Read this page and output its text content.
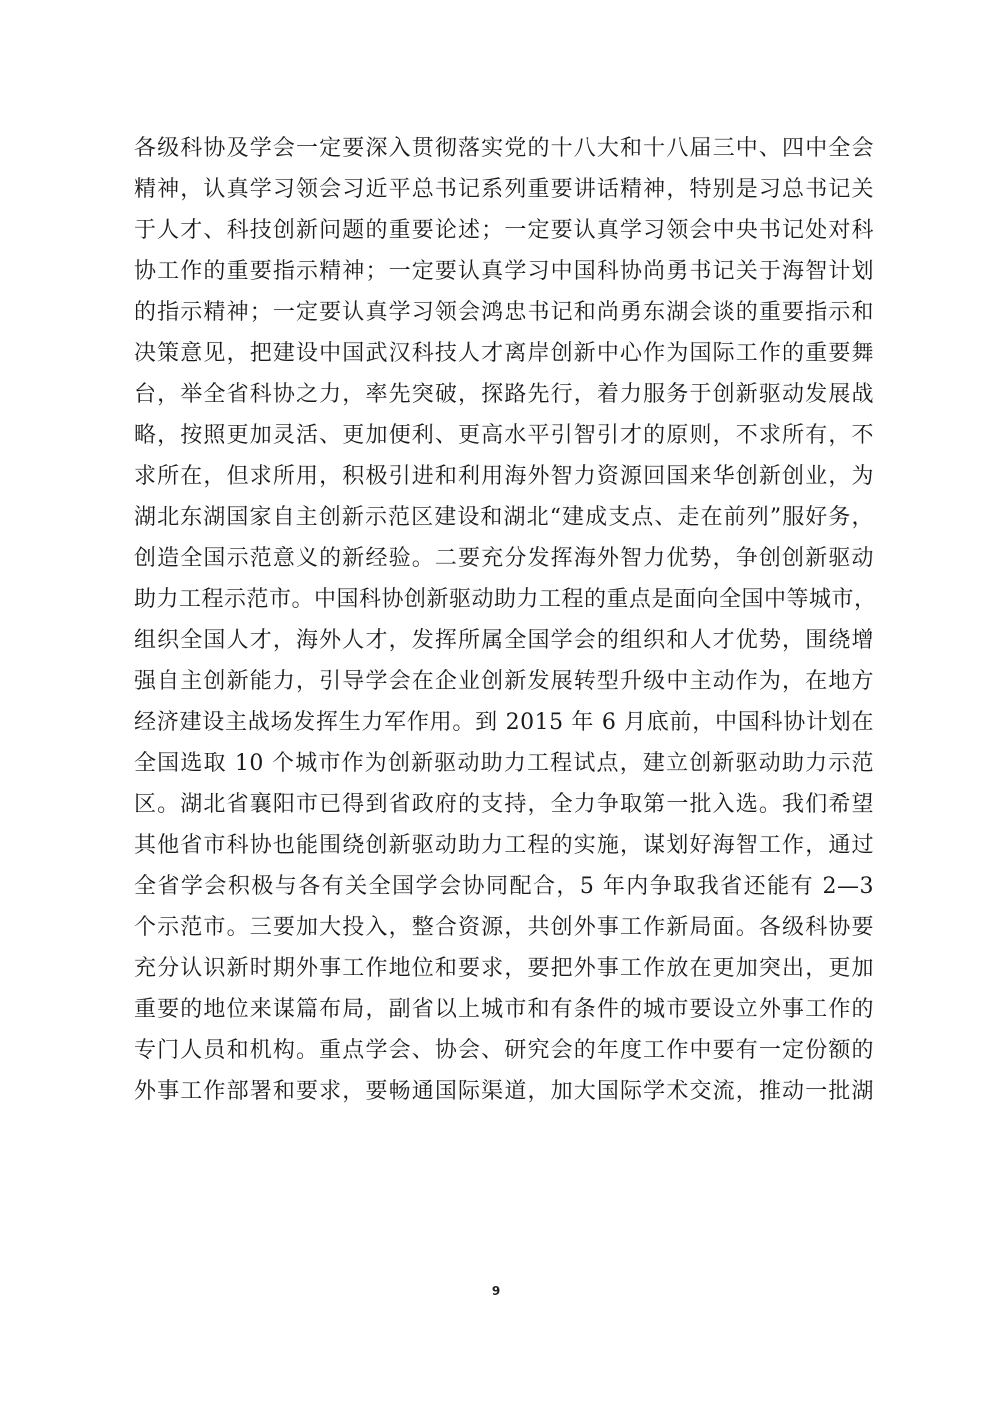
各级科协及学会一定要深入贯彻落实党的十八大和十八届三中、四中全会
精神，认真学习领会习近平总书记系列重要讲话精神，特别是习总书记关
于人才、科技创新问题的重要论述；一定要认真学习领会中央书记处对科
协工作的重要指示精神；一定要认真学习中国科协尚勇书记关于海智计划
的指示精神；一定要认真学习领会鸿忠书记和尚勇东湖会谈的重要指示和
决策意见，把建设中国武汉科技人才离岸创新中心作为国际工作的重要舞
台，举全省科协之力，率先突破，探路先行，着力服务于创新驱动发展战
略，按照更加灵活、更加便利、更高水平引智引才的原则，不求所有，不
求所在，但求所用，积极引进和利用海外智力资源回国来华创新创业，为
湖北东湖国家自主创新示范区建设和湖北“建成支点、走在前列”服好务，
创造全国示范意义的新经验。二要充分发挥海外智力优势，争创创新驱动
助力工程示范市。中国科协创新驱动助力工程的重点是面向全国中等城市，
组织全国人才，海外人才，发挥所属全国学会的组织和人才优势，围绕增
强自主创新能力，引导学会在企业创新发展转型升级中主动作为，在地方
经济建设主战场发挥生力军作用。到 2015 年 6 月底前，中国科协计划在
全国选取 10 个城市作为创新驱动助力工程试点，建立创新驱动助力示范
区。湖北省襄阳市已得到省政府的支持，全力争取第一批入选。我们希望
其他省市科协也能围绕创新驱动助力工程的实施，谋划好海智工作，通过
全省学会积极与各有关全国学会协同配合，5 年内争取我省还能有 2—3
个示范市。三要加大投入，整合资源，共创外事工作新局面。各级科协要
充分认识新时期外事工作地位和要求，要把外事工作放在更加突出，更加
重要的地位来谋篇布局，副省以上城市和有条件的城市要设立外事工作的
专门人员和机构。重点学会、协会、研究会的年度工作中要有一定份额的
外事工作部署和要求，要畅通国际渠道，加大国际学术交流，推动一批湖
9
